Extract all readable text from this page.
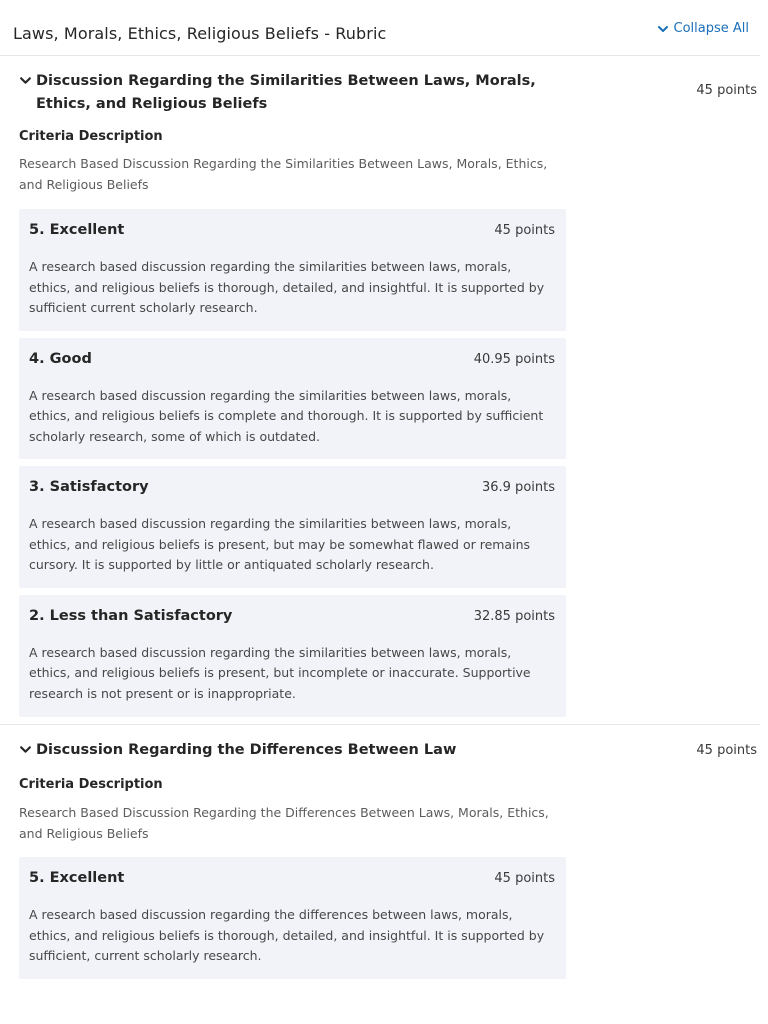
Laws, Morals, Ethics, Religious Beliefs - Rubric	Collapse All
Discussion Regarding the Similarities Between Laws, Morals, Ethics, and Religious Beliefs
45 points
Criteria Description
Research Based Discussion Regarding the Similarities Between Laws, Morals, Ethics, and Religious Beliefs
5. Excellent	45 points
A research based discussion regarding the similarities between laws, morals, ethics, and religious beliefs is thorough, detailed, and insightful. It is supported by sufficient current scholarly research.
4. Good	40.95 points
A research based discussion regarding the similarities between laws, morals, ethics, and religious beliefs is complete and thorough. It is supported by sufficient scholarly research, some of which is outdated.
3. Satisfactory	36.9 points
A research based discussion regarding the similarities between laws, morals, ethics, and religious beliefs is present, but may be somewhat flawed or remains cursory. It is supported by little or antiquated scholarly research.
2. Less than Satisfactory	32.85 points
A research based discussion regarding the similarities between laws, morals, ethics, and religious beliefs is present, but incomplete or inaccurate. Supportive research is not present or is inappropriate.
Discussion Regarding the Differences Between Law	45 points
Criteria Description
Research Based Discussion Regarding the Differences Between Laws, Morals, Ethics, and Religious Beliefs
5. Excellent	45 points
A research based discussion regarding the differences between laws, morals, ethics, and religious beliefs is thorough, detailed, and insightful. It is supported by sufficient, current scholarly research.
